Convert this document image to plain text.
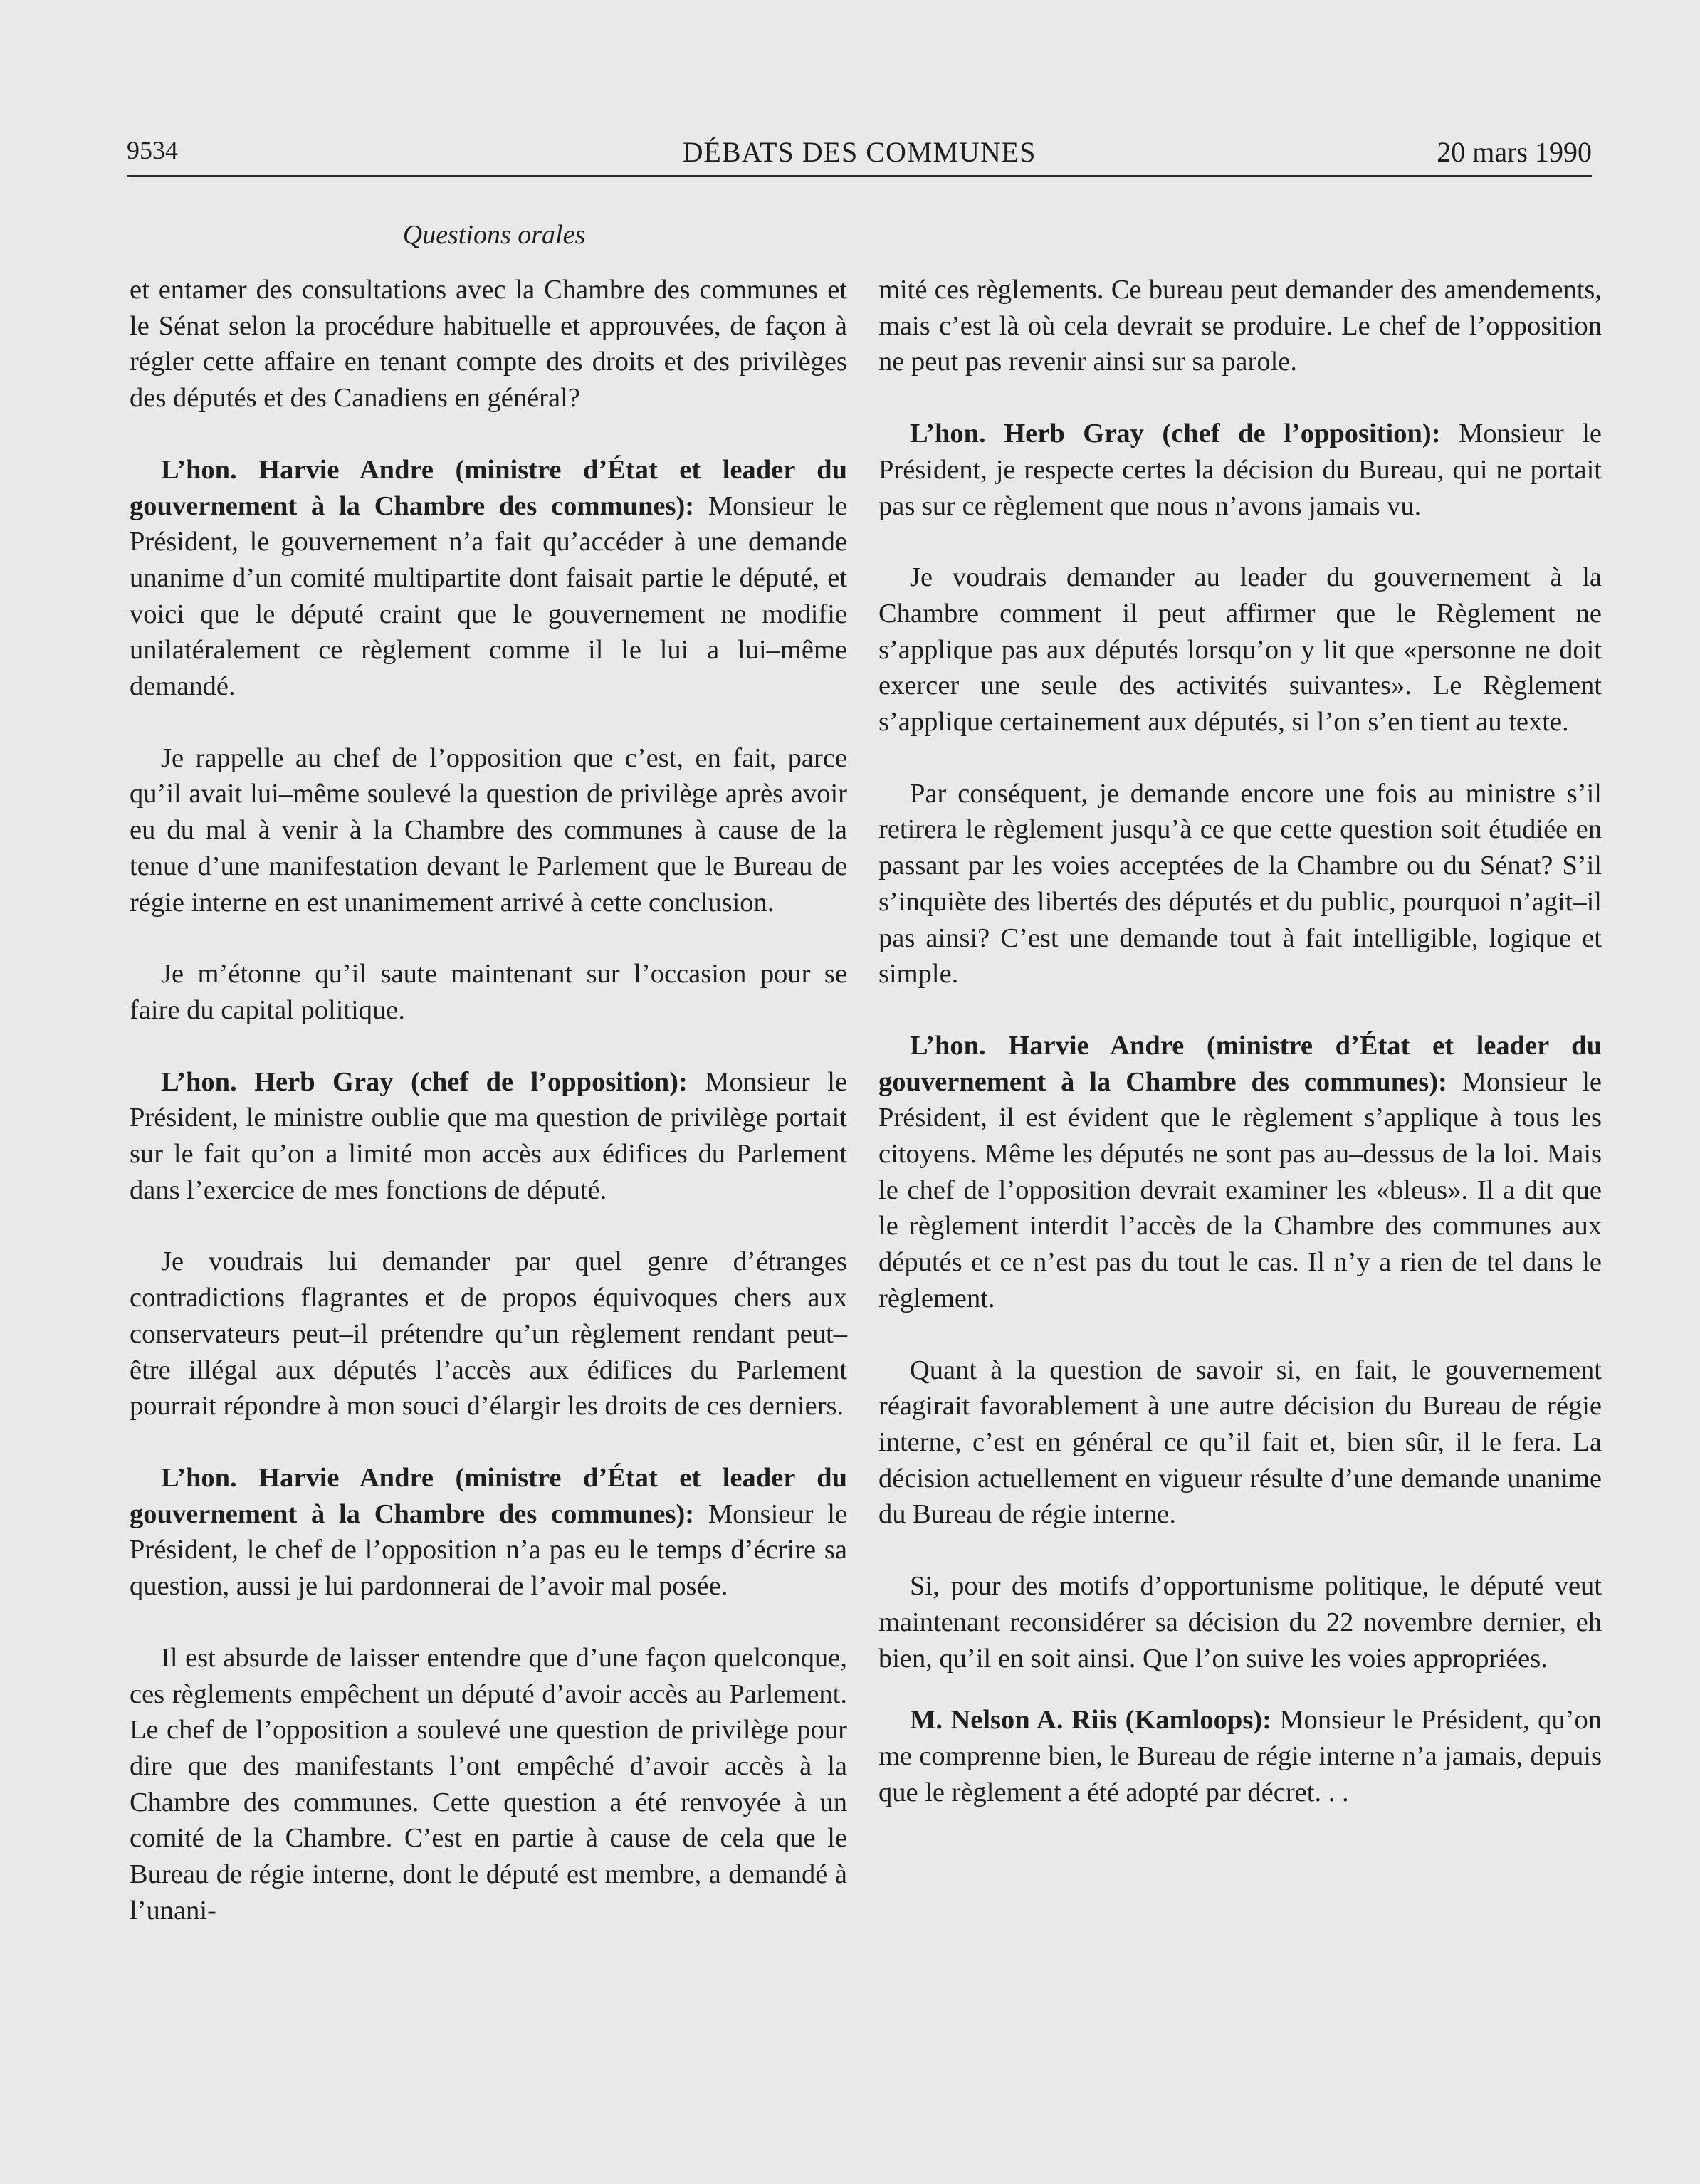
9534	DÉBATS DES COMMUNES	20 mars 1990
Questions orales

et entamer des consultations avec la Chambre des communes et le Sénat selon la procédure habituelle et approuvées, de façon à régler cette affaire en tenant compte des droits et des privilèges des députés et des Canadiens en général?

L’hon. Harvie Andre (ministre d’État et leader du gouvernement à la Chambre des communes): Monsieur le Président, le gouvernement n’a fait qu’accéder à une demande unanime d’un comité multipartite dont faisait partie le député, et voici que le député craint que le gouvernement ne modifie unilatéralement ce règlement comme il le lui a lui–même demandé.

Je rappelle au chef de l’opposition que c’est, en fait, parce qu’il avait lui–même soulevé la question de privilège après avoir eu du mal à venir à la Chambre des communes à cause de la tenue d’une manifestation devant le Parlement que le Bureau de régie interne en est unanimement arrivé à cette conclusion.

Je m’étonne qu’il saute maintenant sur l’occasion pour se faire du capital politique.

L’hon. Herb Gray (chef de l’opposition): Monsieur le Président, le ministre oublie que ma question de privilège portait sur le fait qu’on a limité mon accès aux édifices du Parlement dans l’exercice de mes fonctions de député.

Je voudrais lui demander par quel genre d’étranges contradictions flagrantes et de propos équivoques chers aux conservateurs peut–il prétendre qu’un règlement rendant peut–être illégal aux députés l’accès aux édifices du Parlement pourrait répondre à mon souci d’élargir les droits de ces derniers.

L’hon. Harvie Andre (ministre d’État et leader du gouvernement à la Chambre des communes): Monsieur le Président, le chef de l’opposition n’a pas eu le temps d’écrire sa question, aussi je lui pardonnerai de l’avoir mal posée.

Il est absurde de laisser entendre que d’une façon quelconque, ces règlements empêchent un député d’avoir accès au Parlement. Le chef de l’opposition a soulevé une question de privilège pour dire que des manifestants l’ont empêché d’avoir accès à la Chambre des communes. Cette question a été renvoyée à un comité de la Chambre. C’est en partie à cause de cela que le Bureau de régie interne, dont le député est membre, a demandé à l’unani-

mité ces règlements. Ce bureau peut demander des amendements, mais c’est là où cela devrait se produire. Le chef de l’opposition ne peut pas revenir ainsi sur sa parole.

L’hon. Herb Gray (chef de l’opposition): Monsieur le Président, je respecte certes la décision du Bureau, qui ne portait pas sur ce règlement que nous n’avons jamais vu.

Je voudrais demander au leader du gouvernement à la Chambre comment il peut affirmer que le Règlement ne s’applique pas aux députés lorsqu’on y lit que «personne ne doit exercer une seule des activités suivantes». Le Règlement s’applique certainement aux députés, si l’on s’en tient au texte.

Par conséquent, je demande encore une fois au ministre s’il retirera le règlement jusqu’à ce que cette question soit étudiée en passant par les voies acceptées de la Chambre ou du Sénat? S’il s’inquiète des libertés des députés et du public, pourquoi n’agit–il pas ainsi? C’est une demande tout à fait intelligible, logique et simple.

L’hon. Harvie Andre (ministre d’État et leader du gouvernement à la Chambre des communes): Monsieur le Président, il est évident que le règlement s’applique à tous les citoyens. Même les députés ne sont pas au–dessus de la loi. Mais le chef de l’opposition devrait examiner les «bleus». Il a dit que le règlement interdit l’accès de la Chambre des communes aux députés et ce n’est pas du tout le cas. Il n’y a rien de tel dans le règlement.

Quant à la question de savoir si, en fait, le gouvernement réagirait favorablement à une autre décision du Bureau de régie interne, c’est en général ce qu’il fait et, bien sûr, il le fera. La décision actuellement en vigueur résulte d’une demande unanime du Bureau de régie interne.

Si, pour des motifs d’opportunisme politique, le député veut maintenant reconsidérer sa décision du 22 novembre dernier, eh bien, qu’il en soit ainsi. Que l’on suive les voies appropriées.

M. Nelson A. Riis (Kamloops): Monsieur le Président, qu’on me comprenne bien, le Bureau de régie interne n’a jamais, depuis que le règlement a été adopté par décret. . .
